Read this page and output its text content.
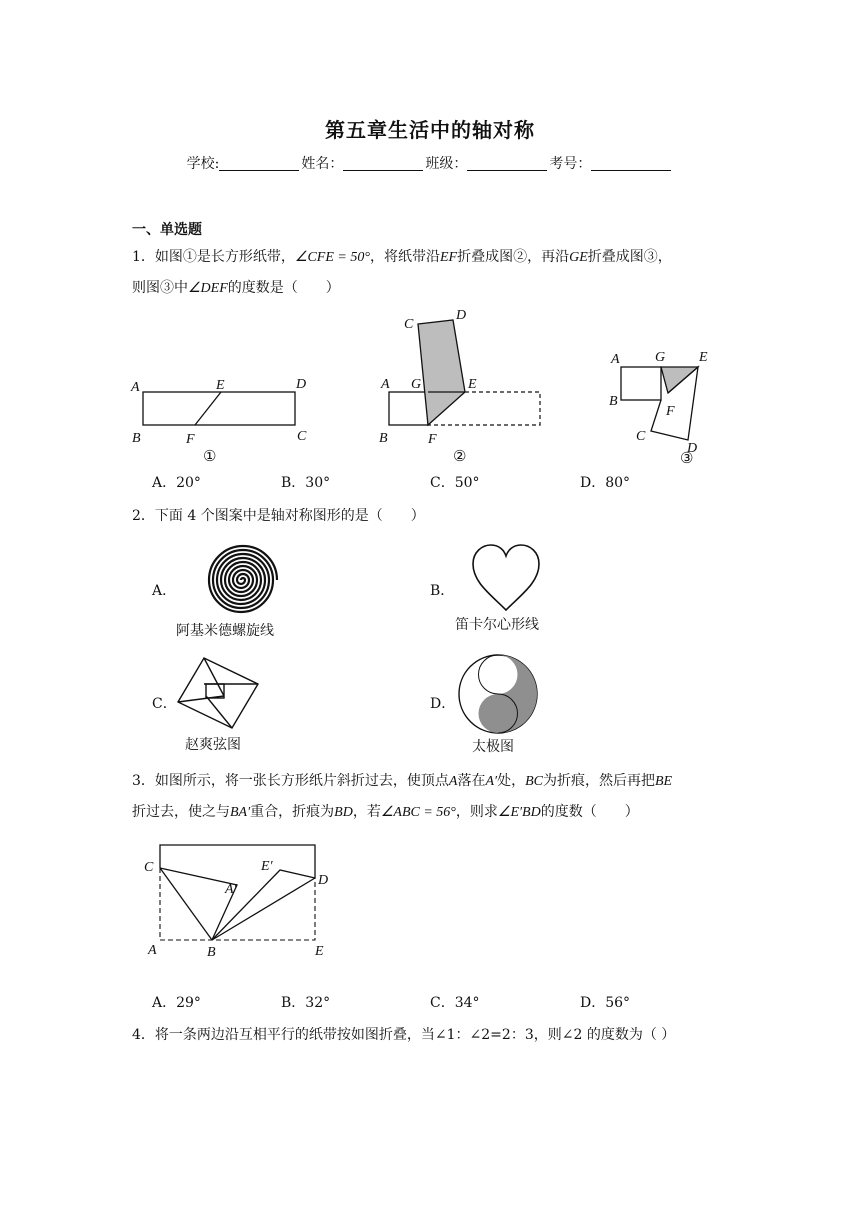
第五章生活中的轴对称
学校:	姓名：	班级：	考号：
一、单选题
1．如图①是长方形纸带，∠CFE = 50°，将纸带沿EF折叠成图②，再沿GE折叠成图③，
则图③中∠DEF的度数是（　　）
A	E	D
B	F	C
①
C
D
A G	E
B	F
②
A	G E
B
F
C
D
③
A．20°	B．30°	C．50°	D．80°
2．下面 4 个图案中是轴对称图形的是（　　）
A．
阿基米德螺旋线
B．
笛卡尔心形线
C．
赵爽弦图
D．
太极图
3．如图所示，将一张长方形纸片斜折过去，使顶点A落在A′处，BC为折痕，然后再把BE
折过去，使之与BA′重合，折痕为BD，若∠ABC = 56°，则求∠E′BD的度数（　　）
C
D
A′
E′
A	B	E
A．29°	B．32°	C．34°	D．56°
4．将一条两边沿互相平行的纸带按如图折叠，当∠1：∠2=2：3，则∠2 的度数为（ ）
